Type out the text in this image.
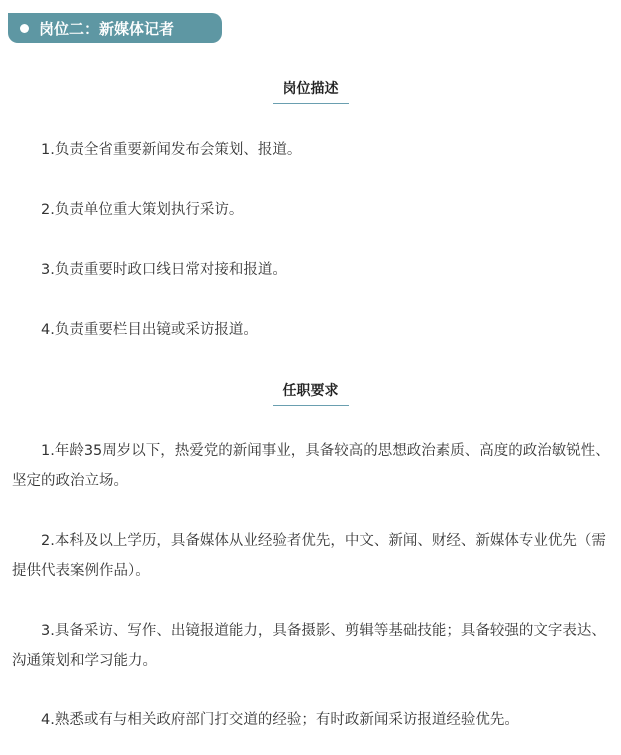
岗位二：新媒体记者
岗位描述
1.负责全省重要新闻发布会策划、报道。
2.负责单位重大策划执行采访。
3.负责重要时政口线日常对接和报道。
4.负责重要栏目出镜或采访报道。
任职要求
1.年龄35周岁以下，热爱党的新闻事业，具备较高的思想政治素质、高度的政治敏锐性、坚定的政治立场。
2.本科及以上学历，具备媒体从业经验者优先，中文、新闻、财经、新媒体专业优先（需提供代表案例作品）。
3.具备采访、写作、出镜报道能力，具备摄影、剪辑等基础技能；具备较强的文字表达、沟通策划和学习能力。
4.熟悉或有与相关政府部门打交道的经验；有时政新闻采访报道经验优先。
